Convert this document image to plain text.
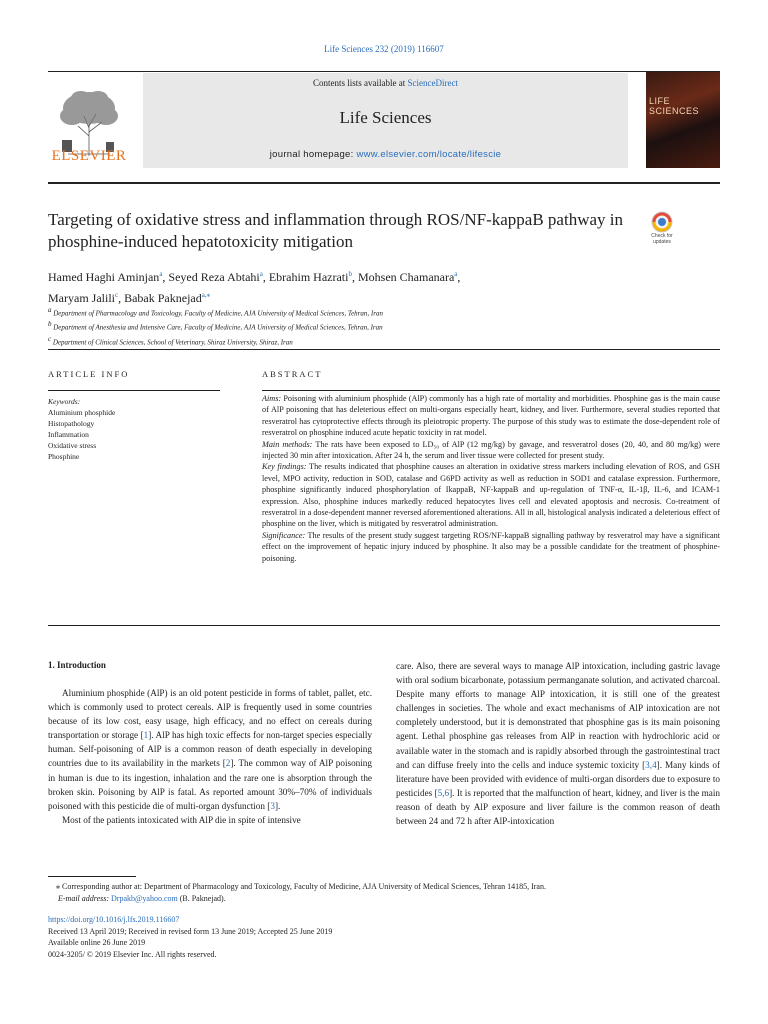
Life Sciences 232 (2019) 116607
ELSEVIER
Contents lists available at ScienceDirect
Life Sciences
journal homepage: www.elsevier.com/locate/lifescie
LIFE SCIENCES
Targeting of oxidative stress and inflammation through ROS/NF-kappaB pathway in phosphine-induced hepatotoxicity mitigation	Check for updates
Hamed Haghi Aminjan$^a$, Seyed Reza Abtahi$^a$, Ebrahim Hazrati$^b$, Mohsen Chamanara$^a$,
Maryam Jalili$^c$, Babak Paknejad$^{a,⁎}$
$^a$ Department of Pharmacology and Toxicology, Faculty of Medicine, AJA University of Medical Sciences, Tehran, Iran
$^b$ Department of Anesthesia and Intensive Care, Faculty of Medicine, AJA University of Medical Sciences, Tehran, Iran
$^c$ Department of Clinical Sciences, School of Veterinary, Shiraz University, Shiraz, Iran
ARTICLE INFO	ABSTRACT
Keywords:
Aluminium phosphide
Histopathology
Inflammation
Oxidative stress
Phosphine

Aims: Poisoning with aluminium phosphide (AlP) commonly has a high rate of mortality and morbidities. Phosphine gas is the main cause of AlP poisoning that has deleterious effect on multi-organs especially heart, kidney, and liver. Furthermore, several studies reported that resveratrol has cytoprotective effects through its pleiotropic property. The purpose of this study was to estimate the dose-dependent role of resveratrol on phosphine induced acute hepatic toxicity in rat model.

Main methods: The rats have been exposed to LD₅₀ of AlP (12 mg/kg) by gavage, and resveratrol doses (20, 40, and 80 mg/kg) were injected 30 min after intoxication. After 24 h, the serum and liver tissue were collected for present study.

Key findings: The results indicated that phosphine causes an alteration in oxidative stress markers including elevation of ROS, and GSH level, MPO activity, reduction in SOD, catalase and G6PD activity as well as reduction in SOD1 and catalase expression. Furthermore, phosphine significantly induced phosphorylation of IkappaB, NF-kappaB and up-regulation of TNF-α, IL-1β, IL-6, and ICAM-1 expression. Also, phosphine induces markedly reduced hepatocytes lives cell and elevated apoptosis and necrosis. Co-treatment of resveratrol in a dose-dependent manner reversed aforementioned alterations. All in all, histological analysis indicated a deleterious effect of phosphine on the liver, which is mitigated by resveratrol administration.

Significance: The results of the present study suggest targeting ROS/NF-kappaB signalling pathway by resveratrol may have a significant effect on the improvement of hepatic injury induced by phosphine. It also may be a possible candidate for the treatment of phosphine-poisoning.

1. Introduction

Aluminium phosphide (AlP) is an old potent pesticide in forms of tablet, pallet, etc. which is commonly used to protect cereals. AlP is frequently used in some countries because of its low cost, easy usage, high efficacy, and no effect on cereals during transportation or storage [1]. AlP has high toxic effects for non-target species especially human. Self-poisoning of AlP is a common reason of death especially in developing countries due to its availability in the markets [2]. The common way of AlP poisoning in human is due to its ingestion, inhalation and the rare one is absorption through the broken skin. Poisoning by AlP is fatal. As reported amount 30%–70% of individuals poisoned with this pesticide die of multi-organ dysfunction [3].

Most of the patients intoxicated with AlP die in spite of intensive

care. Also, there are several ways to manage AlP intoxication, including gastric lavage with oral sodium bicarbonate, potassium permanganate solution, and activated charcoal. Despite many efforts to manage AlP intoxication, it is still one of the greatest challenges in societies. The whole and exact mechanisms of AlP intoxication are not completely understood, but it is demonstrated that phosphine gas is its main poisoning agent. Lethal phosphine gas releases from AlP in reaction with hydrochloric acid or available water in the stomach and is rapidly absorbed through the gastrointestinal tract and can diffuse freely into the cells and induce systemic toxicity [3,4]. Many kinds of literature have been provided with evidence of multi-organ disorders due to exposure to pesticides [5,6]. It is reported that the malfunction of heart, kidney, and liver is the main reason of death by AlP exposure and liver failure is the common reason of death between 24 and 72 h after AlP-intoxication

⁎ Corresponding author at: Department of Pharmacology and Toxicology, Faculty of Medicine, AJA University of Medical Sciences, Tehran 14185, Iran.
E-mail address: Drpakb@yahoo.com (B. Paknejad).
https://doi.org/10.1016/j.lfs.2019.116607
Received 13 April 2019; Received in revised form 13 June 2019; Accepted 25 June 2019
Available online 26 June 2019
0024-3205/ © 2019 Elsevier Inc. All rights reserved.
